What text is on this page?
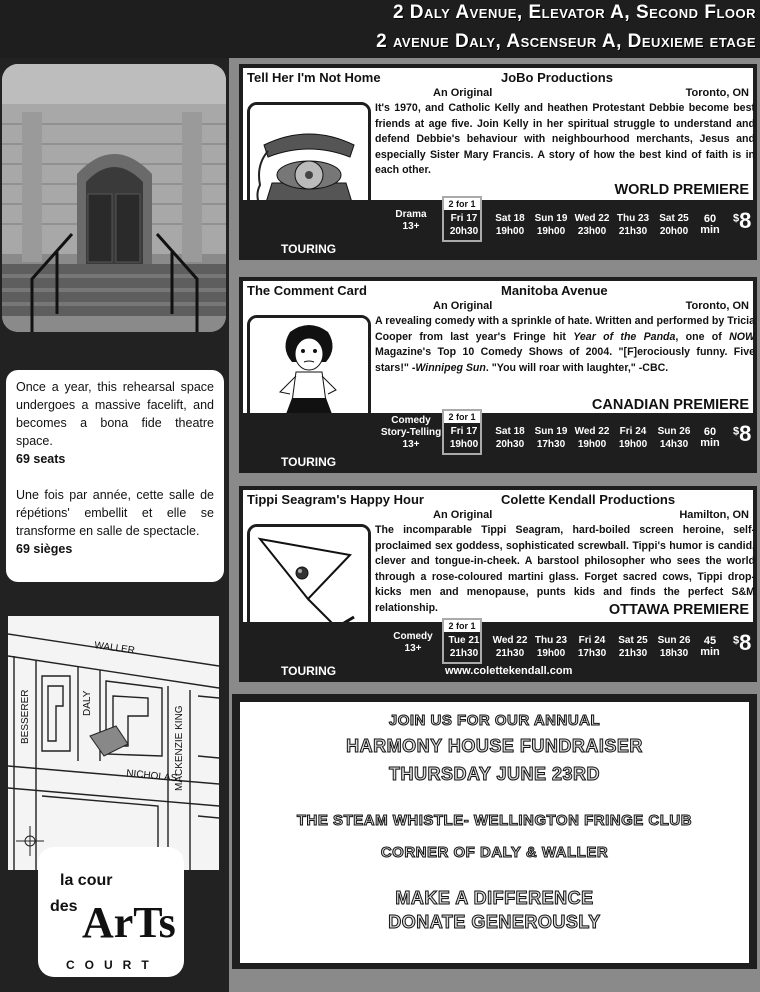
2 Daly Avenue, Elevator A, Second Floor
2 avenue Daly, Ascenseur A, Deuxieme etage

Once a year, this rehearsal space undergoes a massive facelift, and becomes a bona fide theatre space.
69 seats

Une fois par année, cette salle de répétions' embellit et elle se transforme en salle de spectacle.
69 sièges

WALLER
DALY
BESSERER
NICHOLAS
MACKENZIE KING
la cour
des ArTs
COURT
Tell Her I'm Not Home	JoBo Productions
An Original	Toronto, ON
It's 1970, and Catholic Kelly and heathen Protestant Debbie become best friends at age five. Join Kelly in her spiritual struggle to understand and defend Debbie's behaviour with neighbourhood merchants, Jesus and especially Sister Mary Francis. A story of how the best kind of faith is in each other.
WORLD PREMIERE
Drama 13+
2 for 1
Fri 17
20h30
Sat 18
19h00
Sun 19
19h00
Wed 22
23h00
Thu 23
21h30
Sat 25
20h00
60 min
$8
TOURING
The Comment Card	Manitoba Avenue
An Original	Toronto, ON
A revealing comedy with a sprinkle of hate. Written and performed by Tricia Cooper from last year's Fringe hit Year of the Panda, one of NOW Magazine's Top 10 Comedy Shows of 2004. "[F]erociously funny. Five stars!" -Winnipeg Sun. "You will roar with laughter," -CBC.
CANADIAN PREMIERE
Comedy Story-Telling 13+
2 for 1
Fri 17
19h00
Sat 18
20h30
Sun 19
17h30
Wed 22
19h00
Fri 24
19h00
Sun 26
14h30
60 min
$8
TOURING
Tippi Seagram's Happy Hour	Colette Kendall Productions
An Original	Hamilton, ON
The incomparable Tippi Seagram, hard-boiled screen heroine, self-proclaimed sex goddess, sophisticated screwball. Tippi's humor is candid, clever and tongue-in-cheek. A barstool philosopher who sees the world through a rose-coloured martini glass. Forget sacred cows, Tippi drop-kicks men and menopause, punts kids and finds the perfect S&M relationship.	OTTAWA PREMIERE
Comedy 13+
2 for 1
Tue 21
21h30
Wed 22
21h30
Thu 23
19h00
Fri 24
17h30
Sat 25
21h30
Sun 26
18h30
45 min
$8
TOURING	www.colettekendall.com
JOIN US FOR OUR ANNUAL
HARMONY HOUSE FUNDRAISER
THURSDAY JUNE 23RD
THE STEAM WHISTLE- WELLINGTON FRINGE CLUB
CORNER OF DALY & WALLER
MAKE A DIFFERENCE
DONATE GENEROUSLY
